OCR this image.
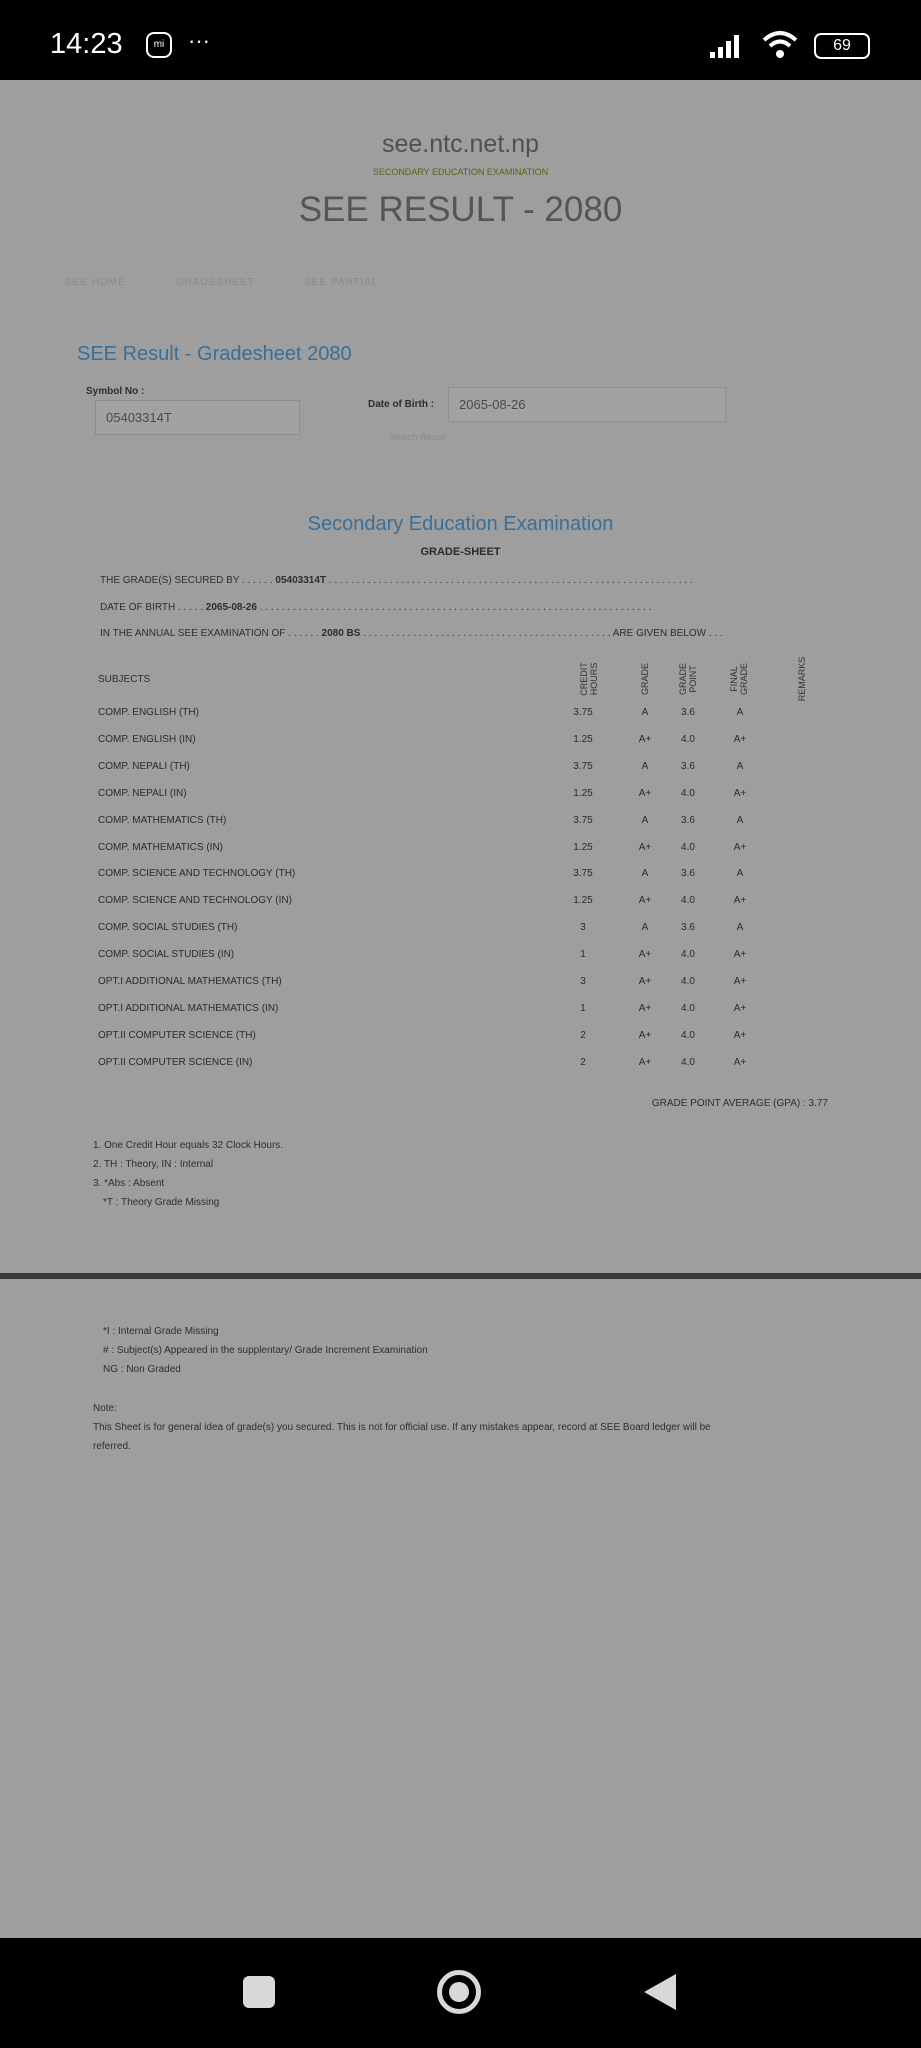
14:23	mi	···	69
see.ntc.net.np
SECONDARY EDUCATION EXAMINATION
SEE RESULT - 2080
SEE HOME	GRADESHEET	SEE PARTIAL
SEE Result - Gradesheet 2080
Symbol No :
05403314T
Date of Birth : 2065-08-26
Search Result
Secondary Education Examination
GRADE-SHEET
THE GRADE(S) SECURED BY . . . . . . 05403314T . . . . . . . . . . . . . . . . . . . . . . . . . . . . . . . . . . . . . . . . . . . . . . . . . . . . . . . . . . . . . . . . . .
DATE OF BIRTH . . . . . 2065-08-26 . . . . . . . . . . . . . . . . . . . . . . . . . . . . . . . . . . . . . . . . . . . . . . . . . . . . . . . . . . . . . . . . . . . . . . .
IN THE ANNUAL SEE EXAMINATION OF . . . . . . 2080 BS . . . . . . . . . . . . . . . . . . . . . . . . . . . . . . . . . . . . . . . . . . . . . ARE GIVEN BELOW . . .
SUBJECTS	CREDIT HOURS	GRADE	GRADE POINT	FINAL GRADE	REMARKS
COMP. ENGLISH (TH)	3.75	A	3.6	A
COMP. ENGLISH (IN)	1.25	A+	4.0	A+
COMP. NEPALI (TH)	3.75	A	3.6	A
COMP. NEPALI (IN)	1.25	A+	4.0	A+
COMP. MATHEMATICS (TH)	3.75	A	3.6	A
COMP. MATHEMATICS (IN)	1.25	A+	4.0	A+
COMP. SCIENCE AND TECHNOLOGY (TH)	3.75	A	3.6	A
COMP. SCIENCE AND TECHNOLOGY (IN)	1.25	A+	4.0	A+
COMP. SOCIAL STUDIES (TH)	3	A	3.6	A
COMP. SOCIAL STUDIES (IN)	1	A+	4.0	A+
OPT.I ADDITIONAL MATHEMATICS (TH)	3	A+	4.0	A+
OPT.I ADDITIONAL MATHEMATICS (IN)	1	A+	4.0	A+
OPT.II COMPUTER SCIENCE (TH)	2	A+	4.0	A+
OPT.II COMPUTER SCIENCE (IN)	2	A+	4.0	A+
GRADE POINT AVERAGE (GPA) : 3.77
1. One Credit Hour equals 32 Clock Hours.
2. TH : Theory, IN : Internal
3. *Abs : Absent
*T : Theory Grade Missing
*I : Internal Grade Missing
# : Subject(s) Appeared in the supplentary/ Grade Increment Examination
NG : Non Graded
Note:
This Sheet is for general idea of grade(s) you secured. This is not for official use. If any mistakes appear, record at SEE Board ledger will be
referred.
